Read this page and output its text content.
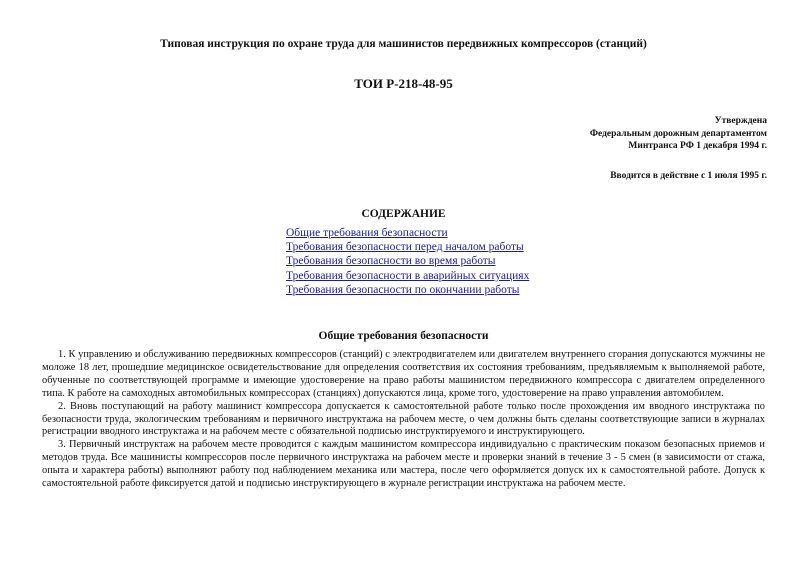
Типовая инструкция по охране труда для машинистов передвижных компрессоров (станций)
ТОИ Р-218-48-95
Утверждена
Федеральным дорожным департаментом
Минтранса РФ 1 декабря 1994 г.
Вводится в действие с 1 июля 1995 г.
СОДЕРЖАНИЕ
Общие требования безопасности
Требования безопасности перед началом работы
Требования безопасности во время работы
Требования безопасности в аварийных ситуациях
Требования безопасности по окончании работы
Общие требования безопасности

1. К управлению и обслуживанию передвижных компрессоров (станций) с электродвигателем или двигателем внутреннего сгорания допускаются мужчины не моложе 18 лет, прошедшие медицинское освидетельствование для определения соответствия их состояния требованиям, предъявляемым к выполняемой работе, обученные по соответствующей программе и имеющие удостоверение на право работы машинистом передвижного компрессора с двигателем определенного типа. К работе на самоходных автомобильных компрессорах (станциях) допускаются лица, кроме того, удостоверение на право управления автомобилем.

2. Вновь поступающий на работу машинист компрессора допускается к самостоятельной работе только после прохождения им вводного инструктажа по безопасности труда, экологическим требованиям и первичного инструктажа на рабочем месте, о чем должны быть сделаны соответствующие записи в журналах регистрации вводного инструктажа и на рабочем месте с обязательной подписью инструктируемого и инструктирующего.

3. Первичный инструктаж на рабочем месте проводится с каждым машинистом компрессора индивидуально с практическим показом безопасных приемов и методов труда. Все машинисты компрессоров после первичного инструктажа на рабочем месте и проверки знаний в течение 3 - 5 смен (в зависимости от стажа, опыта и характера работы) выполняют работу под наблюдением механика или мастера, после чего оформляется допуск их к самостоятельной работе. Допуск к самостоятельной работе фиксируется датой и подписью инструктирующего в журнале регистрации инструктажа на рабочем месте.
